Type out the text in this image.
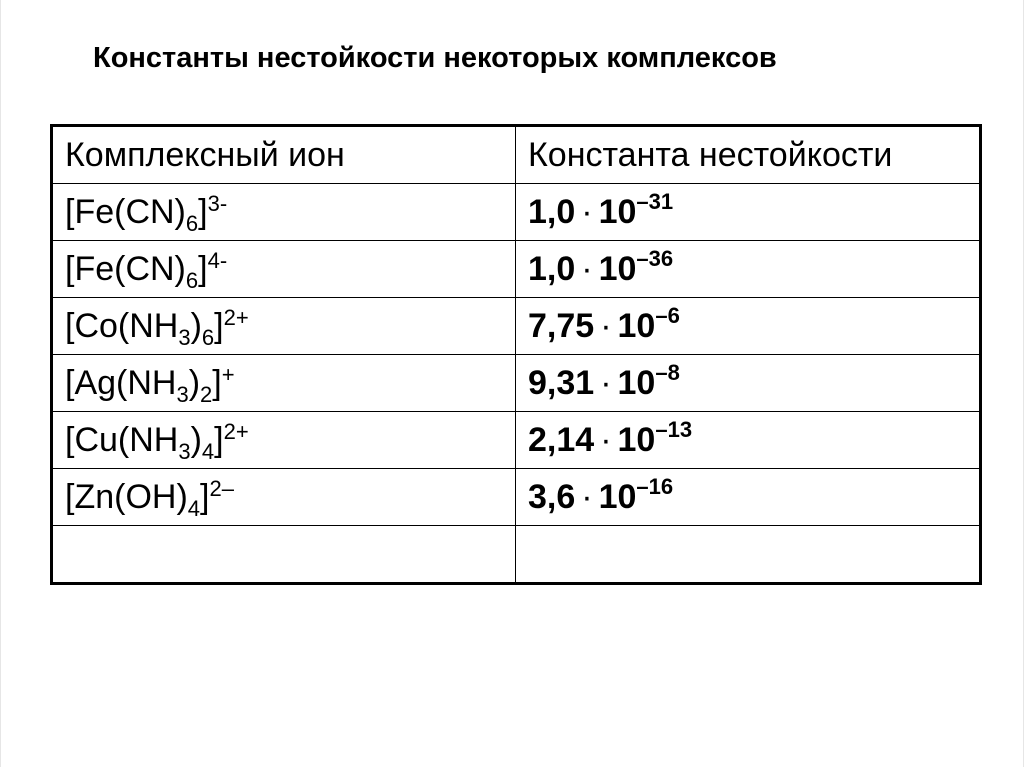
Константы нестойкости некоторых комплексов
Комплексный ион	Константа нестойкости
$[Fe(CN)_6]^{3-}$	$1,0 \cdot 10^{-31}$
$[Fe(CN)_6]^{4-}$	$1,0 \cdot 10^{-36}$
$[Co(NH_3)_6]^{2+}$	$7,75 \cdot 10^{-6}$
$[Ag(NH_3)_2]^+$	$9,31 \cdot 10^{-8}$
$[Cu(NH_3)_4]^{2+}$	$2,14 \cdot 10^{-13}$
$[Zn(OH)_4]^{2-}$	$3,6 \cdot 10^{-16}$
